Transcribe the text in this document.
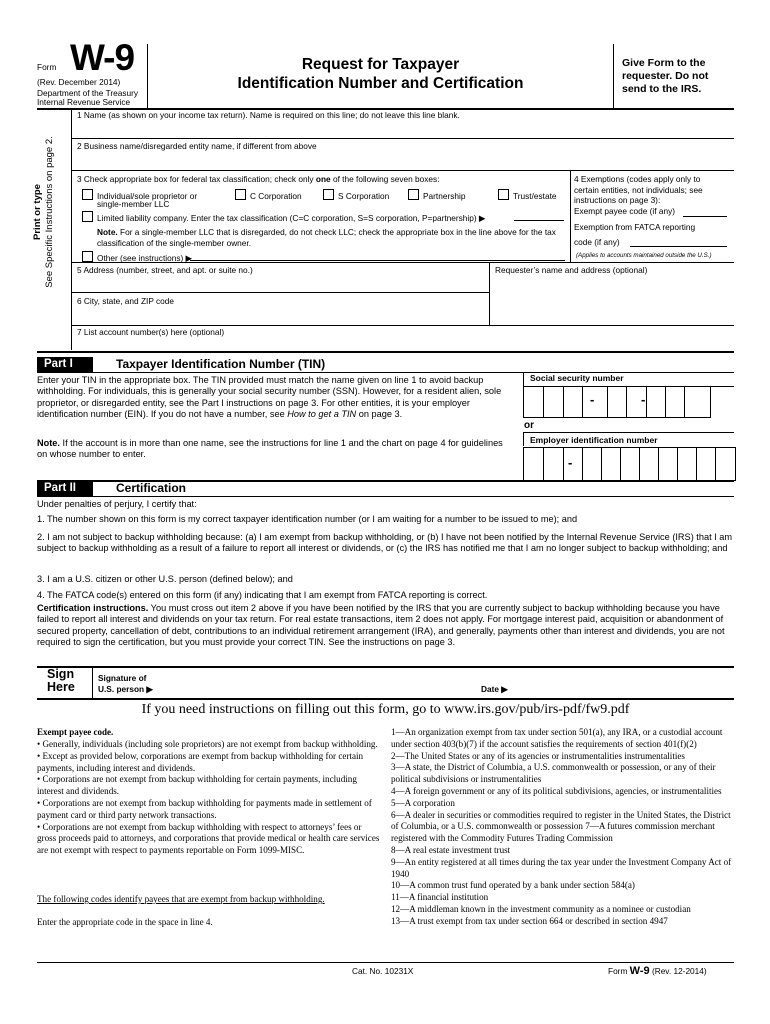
Form W-9
(Rev. December 2014)
Department of the Treasury
Internal Revenue Service
Request for Taxpayer
Identification Number and Certification
Give Form to the
requester. Do not
send to the IRS.
Print or type See Specific Instructions on page 2.
1 Name (as shown on your income tax return). Name is required on this line; do not leave this line blank.
2 Business name/disregarded entity name, if different from above
3 Check appropriate box for federal tax classification; check only one of the following seven boxes:
Individual/sole proprietor or
single-member LLC
C Corporation	S Corporation	Partnership	Trust/estate
Limited liability company. Enter the tax classification (C=C corporation, S=S corporation, P=partnership) ▶
Note. For a single-member LLC that is disregarded, do not check LLC; check the appropriate box in the line above for the tax classification of the single-member owner.
Other (see instructions) ▶
4 Exemptions (codes apply only to
certain entities, not individuals; see
instructions on page 3):
Exempt payee code (if any)
Exemption from FATCA reporting
code (if any)
(Applies to accounts maintained outside the U.S.)
5 Address (number, street, and apt. or suite no.)	Requester’s name and address (optional)
6 City, state, and ZIP code
7 List account number(s) here (optional)
Part I	Taxpayer Identification Number (TIN)
Enter your TIN in the appropriate box. The TIN provided must match the name given on line 1 to avoid backup withholding. For individuals, this is generally your social security number (SSN). However, for a resident alien, sole proprietor, or disregarded entity, see the Part I instructions on page 3. For other entities, it is your employer identification number (EIN). If you do not have a number, see How to get a TIN on page 3.
Note. If the account is in more than one name, see the instructions for line 1 and the chart on page 4 for guidelines on whose number to enter.
Social security number
-	-
or
Employer identification number
-
Part II	Certification
Under penalties of perjury, I certify that:
1. The number shown on this form is my correct taxpayer identification number (or I am waiting for a number to be issued to me); and
2. I am not subject to backup withholding because: (a) I am exempt from backup withholding, or (b) I have not been notified by the Internal Revenue Service (IRS) that I am subject to backup withholding as a result of a failure to report all interest or dividends, or (c) the IRS has notified me that I am no longer subject to backup withholding; and
3. I am a U.S. citizen or other U.S. person (defined below); and
4. The FATCA code(s) entered on this form (if any) indicating that I am exempt from FATCA reporting is correct.
Certification instructions. You must cross out item 2 above if you have been notified by the IRS that you are currently subject to backup withholding because you have failed to report all interest and dividends on your tax return. For real estate transactions, item 2 does not apply. For mortgage interest paid, acquisition or abandonment of secured property, cancellation of debt, contributions to an individual retirement arrangement (IRA), and generally, payments other than interest and dividends, you are not required to sign the certification, but you must provide your correct TIN. See the instructions on page 3.
Sign
Here
Signature of
U.S. person ▶	Date ▶
If you need instructions on filling out this form, go to www.irs.gov/pub/irs-pdf/fw9.pdf
Exempt payee code.
• Generally, individuals (including sole proprietors) are not exempt from backup withholding.
• Except as provided below, corporations are exempt from backup withholding for certain payments, including interest and dividends.
• Corporations are not exempt from backup withholding for certain payments, including interest and dividends.
• Corporations are not exempt from backup withholding for payments made in settlement of payment card or third party network transactions.
• Corporations are not exempt from backup withholding with respect to attorneys’ fees or gross proceeds paid to attorneys, and corporations that provide medical or health care services are not exempt with respect to payments reportable on Form 1099-MISC.
The following codes identify payees that are exempt from backup withholding.
Enter the appropriate code in the space in line 4.
1—An organization exempt from tax under section 501(a), any IRA, or a custodial account under section 403(b)(7) if the account satisfies the requirements of section 401(f)(2)
2—The United States or any of its agencies or instrumentalities instrumentalities
3—A state, the District of Columbia, a U.S. commonwealth or possession, or any of their political subdivisions or instrumentalities
4—A foreign government or any of its political subdivisions, agencies, or instrumentalities
5—A corporation
6—A dealer in securities or commodities required to register in the United States, the District of Columbia, or a U.S. commonwealth or possession 7—A futures commission merchant registered with the Commodity Futures Trading Commission
8—A real estate investment trust
9—An entity registered at all times during the tax year under the Investment Company Act of 1940
10—A common trust fund operated by a bank under section 584(a)
11—A financial institution
12—A middleman known in the investment community as a nominee or custodian
13—A trust exempt from tax under section 664 or described in section 4947
Cat. No. 10231X	Form W-9 (Rev. 12-2014)
